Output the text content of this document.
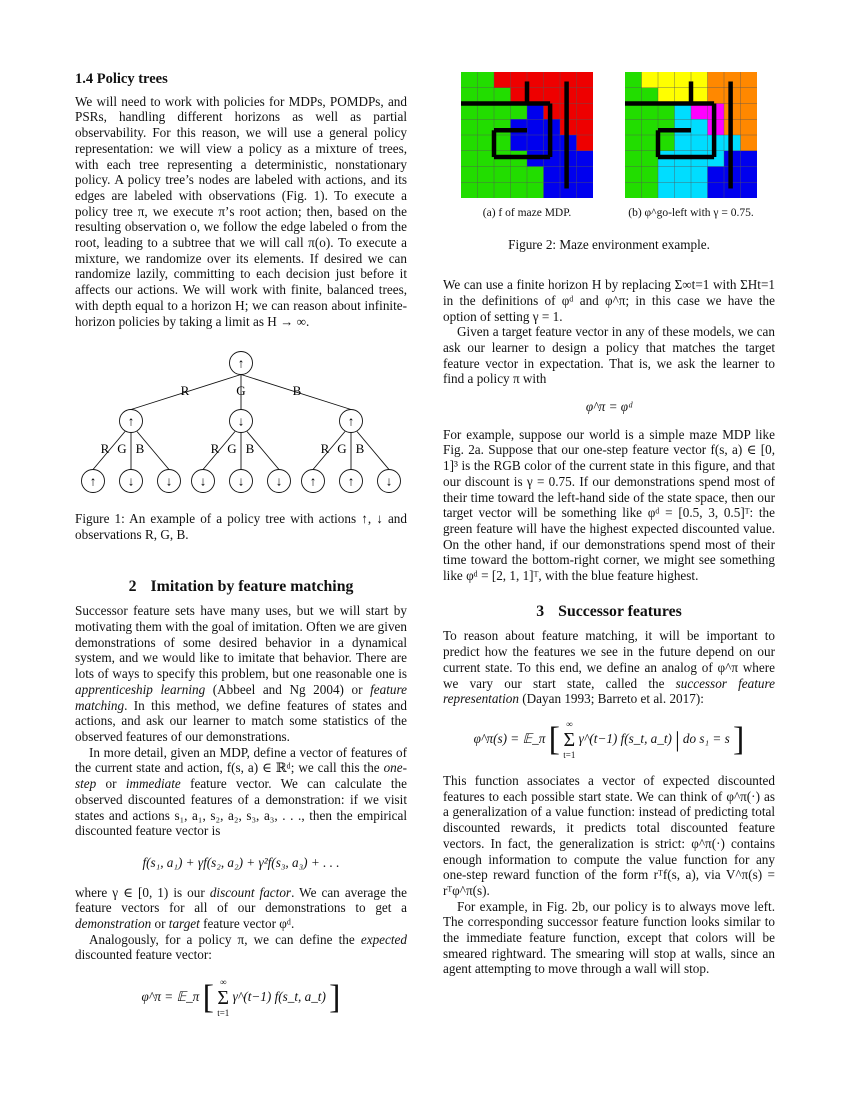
1.4 Policy trees

We will need to work with policies for MDPs, POMDPs, and PSRs, handling different horizons as well as partial observability. For this reason, we will use a general policy representation: we will view a policy as a mixture of trees, with each tree representing a deterministic, nonstationary policy. A policy tree’s nodes are labeled with actions, and its edges are labeled with observations (Fig. 1). To execute a policy tree π, we execute π’s root action; then, based on the resulting observation o, we follow the edge labeled o from the root, leading to a subtree that we will call π(o). To execute a mixture, we randomize over its elements. If desired we can randomize lazily, committing to each decision just before it affects our actions. We will work with finite, balanced trees, with depth equal to a horizon H; we can reason about infinite-horizon policies by taking a limit as H → ∞.

↑
R	G	B
↑	↓	↑
R G B	R G B	R G B
↑ ↓ ↓ ↓ ↓ ↓ ↑ ↑ ↓

Figure 1: An example of a policy tree with actions ↑, ↓ and observations R, G, B.

2 Imitation by feature matching

Successor feature sets have many uses, but we will start by motivating them with the goal of imitation. Often we are given demonstrations of some desired behavior in a dynamical system, and we would like to imitate that behavior. There are lots of ways to specify this problem, but one reasonable one is apprenticeship learning (Abbeel and Ng 2004) or feature matching. In this method, we define features of states and actions, and ask our learner to match some statistics of the observed features of our demonstrations.

In more detail, given an MDP, define a vector of features of the current state and action, f(s, a) ∈ ℝᵈ; we call this the one-step or immediate feature vector. We can calculate the observed discounted features of a demonstration: if we visit states and actions s₁, a₁, s₂, a₂, s₃, a₃, . . ., then the empirical discounted feature vector is

f(s₁, a₁) + γf(s₂, a₂) + γ²f(s₃, a₃) + . . .

where γ ∈ [0, 1) is our discount factor. We can average the feature vectors for all of our demonstrations to get a demonstration or target feature vector φᵈ.

Analogously, for a policy π, we can define the expected discounted feature vector:

φ^π = 𝔼_π [ ∞
Σ
t=1
γ^(t−1) f(s_t, a_t) ]
(a) f of maze MDP.	(b) φ^go-left with γ = 0.75.

Figure 2: Maze environment example.

We can use a finite horizon H by replacing Σ∞t=1 with ΣHt=1 in the definitions of φᵈ and φ^π; in this case we have the option of setting γ = 1.

Given a target feature vector in any of these models, we can ask our learner to design a policy that matches the target feature vector in expectation. That is, we ask the learner to find a policy π with

φ^π = φᵈ

For example, suppose our world is a simple maze MDP like Fig. 2a. Suppose that our one-step feature vector f(s, a) ∈ [0, 1]³ is the RGB color of the current state in this figure, and that our discount is γ = 0.75. If our demonstrations spend most of their time toward the left-hand side of the state space, then our target vector will be something like φᵈ = [0.5, 3, 0.5]ᵀ: the green feature will have the highest expected discounted value. On the other hand, if our demonstrations spend most of their time toward the bottom-right corner, we might see something like φᵈ = [2, 1, 1]ᵀ, with the blue feature highest.

3 Successor features

To reason about feature matching, it will be important to predict how the features we see in the future depend on our current state. To this end, we define an analog of φ^π where we vary our start state, called the successor feature representation (Dayan 1993; Barreto et al. 2017):

φ^π(s) = 𝔼_π [ ∞
Σ
t=1
γ^(t−1) f(s_t, a_t) | do s₁ = s ]

This function associates a vector of expected discounted features to each possible start state. We can think of φ^π(·) as a generalization of a value function: instead of predicting total discounted rewards, it predicts total discounted feature vectors. In fact, the generalization is strict: φ^π(·) contains enough information to compute the value function for any one-step reward function of the form rᵀf(s, a), via V^π(s) = rᵀφ^π(s).

For example, in Fig. 2b, our policy is to always move left. The corresponding successor feature function looks similar to the immediate feature function, except that colors will be smeared rightward. The smearing will stop at walls, since an agent attempting to move through a wall will stop.
